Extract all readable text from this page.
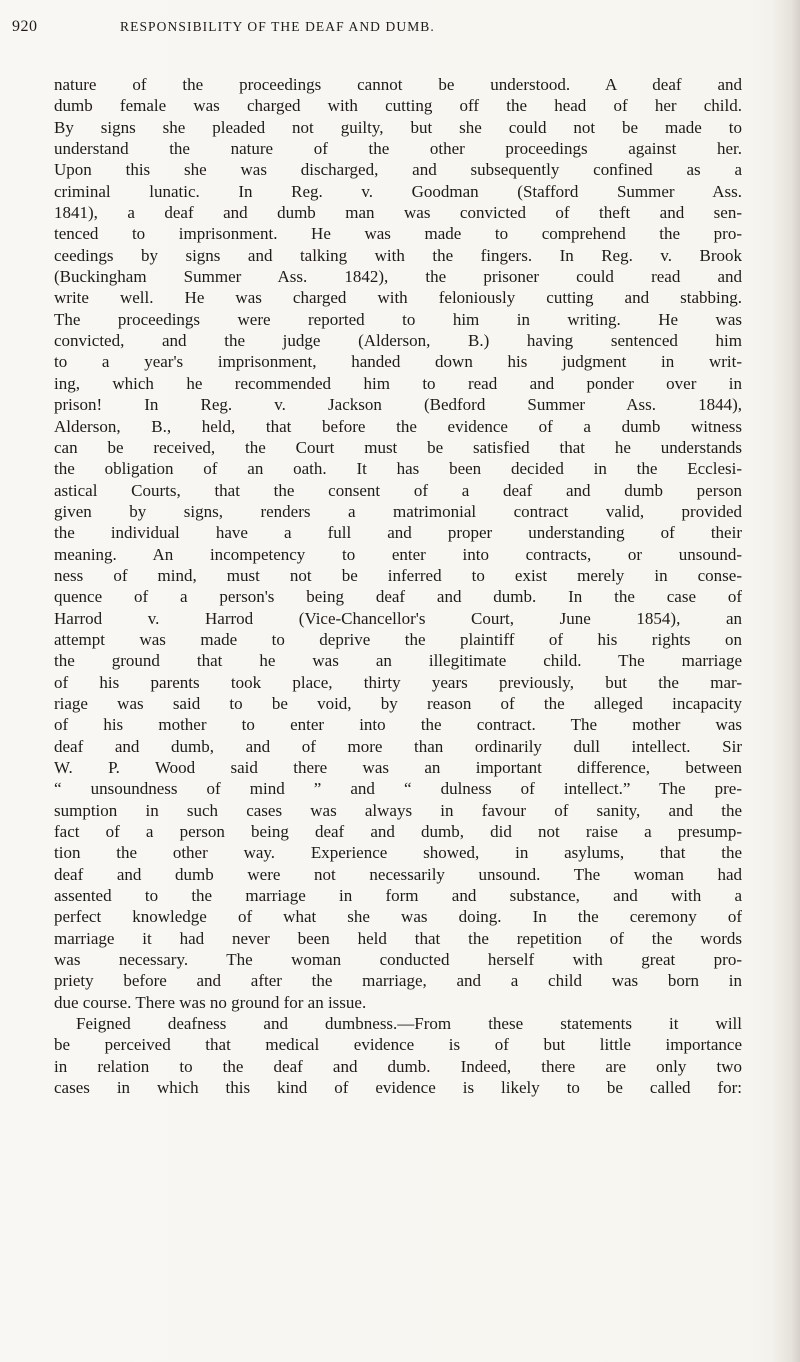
920	RESPONSIBILITY OF THE DEAF AND DUMB.
nature of the proceedings cannot be understood. A deaf and
dumb female was charged with cutting off the head of her child.
By signs she pleaded not guilty, but she could not be made to
understand the nature of the other proceedings against her.
Upon this she was discharged, and subsequently confined as a
criminal lunatic. In Reg. v. Goodman (Stafford Summer Ass.
1841), a deaf and dumb man was convicted of theft and sen-
tenced to imprisonment. He was made to comprehend the pro-
ceedings by signs and talking with the fingers. In Reg. v. Brook
(Buckingham Summer Ass. 1842), the prisoner could read and
write well. He was charged with feloniously cutting and stabbing.
The proceedings were reported to him in writing. He was
convicted, and the judge (Alderson, B.) having sentenced him
to a year's imprisonment, handed down his judgment in writ-
ing, which he recommended him to read and ponder over in
prison! In Reg. v. Jackson (Bedford Summer Ass. 1844),
Alderson, B., held, that before the evidence of a dumb witness
can be received, the Court must be satisfied that he understands
the obligation of an oath. It has been decided in the Ecclesi-
astical Courts, that the consent of a deaf and dumb person
given by signs, renders a matrimonial contract valid, provided
the individual have a full and proper understanding of their
meaning. An incompetency to enter into contracts, or unsound-
ness of mind, must not be inferred to exist merely in conse-
quence of a person's being deaf and dumb. In the case of
Harrod v. Harrod (Vice-Chancellor's Court, June 1854), an
attempt was made to deprive the plaintiff of his rights on
the ground that he was an illegitimate child. The marriage
of his parents took place, thirty years previously, but the mar-
riage was said to be void, by reason of the alleged incapacity
of his mother to enter into the contract. The mother was
deaf and dumb, and of more than ordinarily dull intellect. Sir
W. P. Wood said there was an important difference, between
“ unsoundness of mind ” and “ dulness of intellect.” The pre-
sumption in such cases was always in favour of sanity, and the
fact of a person being deaf and dumb, did not raise a presump-
tion the other way. Experience showed, in asylums, that the
deaf and dumb were not necessarily unsound. The woman had
assented to the marriage in form and substance, and with a
perfect knowledge of what she was doing. In the ceremony of
marriage it had never been held that the repetition of the words
was necessary. The woman conducted herself with great pro-
priety before and after the marriage, and a child was born in
due course. There was no ground for an issue.
Feigned deafness and dumbness.—From these statements it will
be perceived that medical evidence is of but little importance
in relation to the deaf and dumb. Indeed, there are only two
cases in which this kind of evidence is likely to be called for:
